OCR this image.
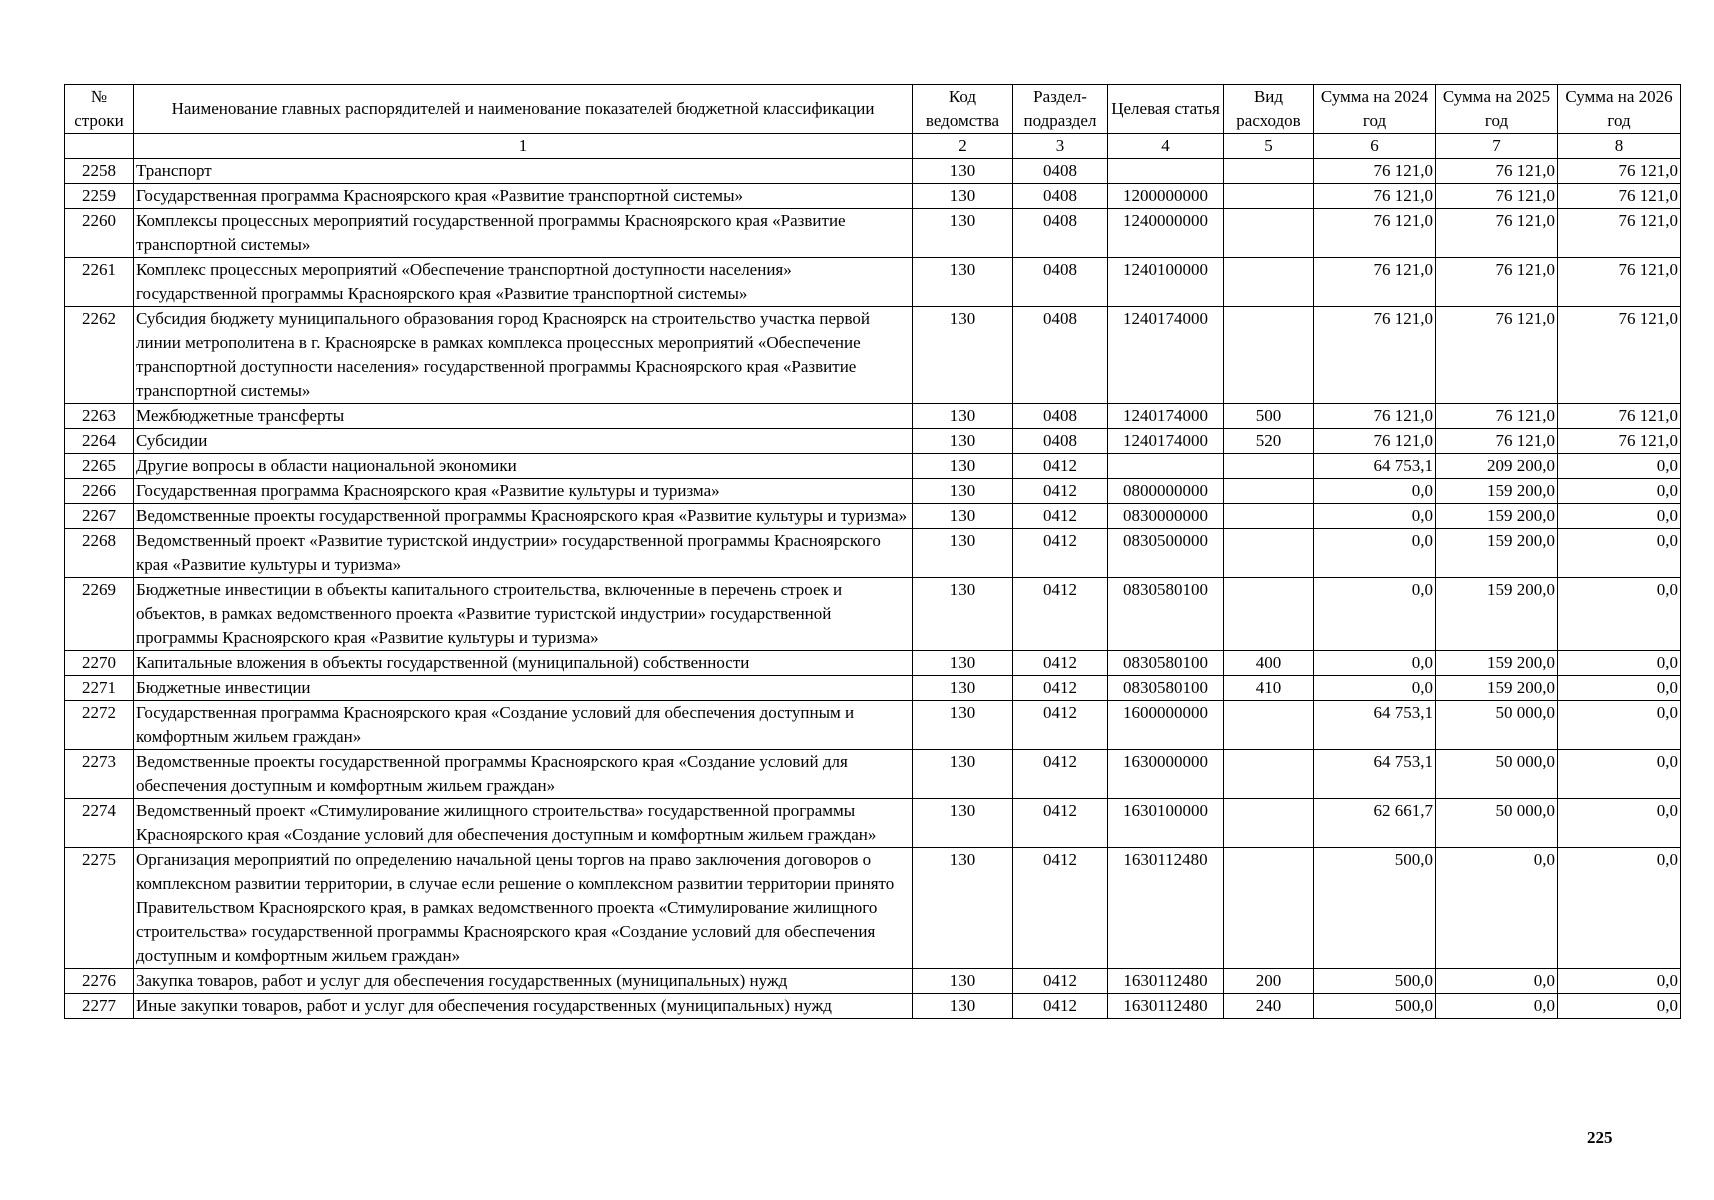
№ строки	Наименование главных распорядителей и наименование показателей бюджетной классификации	Код ведомства	Раздел-подраздел	Целевая статья	Вид расходов	Сумма на 2024 год	Сумма на 2025 год	Сумма на 2026 год
	1	2	3	4	5	6	7	8
2258	Транспорт	130	0408			76 121,0	76 121,0	76 121,0
2259	Государственная программа Красноярского края «Развитие транспортной системы»	130	0408	1200000000		76 121,0	76 121,0	76 121,0
2260	Комплексы процессных мероприятий государственной программы Красноярского края «Развитие транспортной системы»	130	0408	1240000000		76 121,0	76 121,0	76 121,0
2261	Комплекс процессных мероприятий «Обеспечение транспортной доступности населения» государственной программы Красноярского края «Развитие транспортной системы»	130	0408	1240100000		76 121,0	76 121,0	76 121,0
2262	Субсидия бюджету муниципального образования город Красноярск на строительство участка первой линии метрополитена в г. Красноярске в рамках комплекса процессных мероприятий «Обеспечение транспортной доступности населения» государственной программы Красноярского края «Развитие транспортной системы»	130	0408	1240174000		76 121,0	76 121,0	76 121,0
2263	Межбюджетные трансферты	130	0408	1240174000	500	76 121,0	76 121,0	76 121,0
2264	Субсидии	130	0408	1240174000	520	76 121,0	76 121,0	76 121,0
2265	Другие вопросы в области национальной экономики	130	0412			64 753,1	209 200,0	0,0
2266	Государственная программа Красноярского края «Развитие культуры и туризма»	130	0412	0800000000		0,0	159 200,0	0,0
2267	Ведомственные проекты государственной программы Красноярского края «Развитие культуры и туризма»	130	0412	0830000000		0,0	159 200,0	0,0
2268	Ведомственный проект «Развитие туристской индустрии» государственной программы Красноярского края «Развитие культуры и туризма»	130	0412	0830500000		0,0	159 200,0	0,0
2269	Бюджетные инвестиции в объекты капитального строительства, включенные в перечень строек и объектов, в рамках ведомственного проекта «Развитие туристской индустрии» государственной программы Красноярского края «Развитие культуры и туризма»	130	0412	0830580100		0,0	159 200,0	0,0
2270	Капитальные вложения в объекты государственной (муниципальной) собственности	130	0412	0830580100	400	0,0	159 200,0	0,0
2271	Бюджетные инвестиции	130	0412	0830580100	410	0,0	159 200,0	0,0
2272	Государственная программа Красноярского края «Создание условий для обеспечения доступным и комфортным жильем граждан»	130	0412	1600000000		64 753,1	50 000,0	0,0
2273	Ведомственные проекты государственной программы Красноярского края «Создание условий для обеспечения доступным и комфортным жильем граждан»	130	0412	1630000000		64 753,1	50 000,0	0,0
2274	Ведомственный проект «Стимулирование жилищного строительства» государственной программы Красноярского края «Создание условий для обеспечения доступным и комфортным жильем граждан»	130	0412	1630100000		62 661,7	50 000,0	0,0
2275	Организация мероприятий по определению начальной цены торгов на право заключения договоров о комплексном развитии территории, в случае если решение о комплексном развитии территории принято Правительством Красноярского края, в рамках ведомственного проекта «Стимулирование жилищного строительства» государственной программы Красноярского края «Создание условий для обеспечения доступным и комфортным жильем граждан»	130	0412	1630112480		500,0	0,0	0,0
2276	Закупка товаров, работ и услуг для обеспечения государственных (муниципальных) нужд	130	0412	1630112480	200	500,0	0,0	0,0
2277	Иные закупки товаров, работ и услуг для обеспечения государственных (муниципальных) нужд	130	0412	1630112480	240	500,0	0,0	0,0
225
